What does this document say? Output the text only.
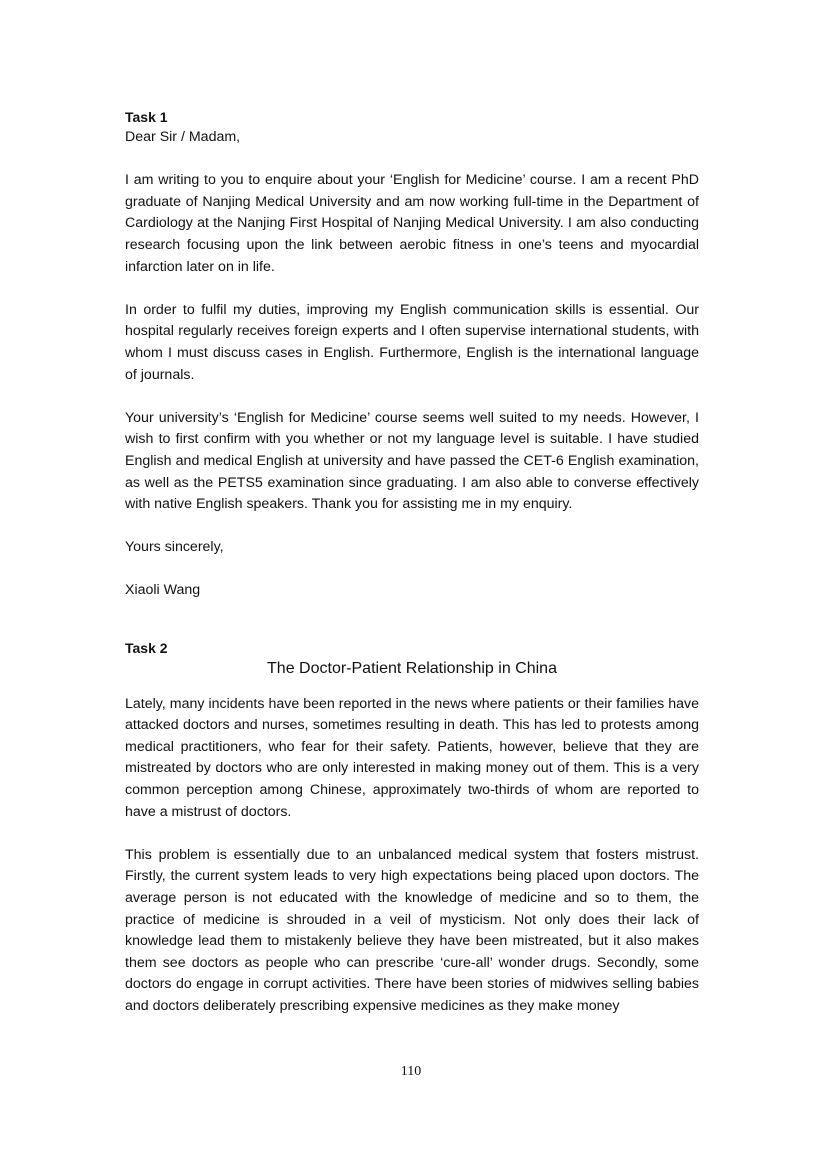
Task 1
Dear Sir / Madam,

I am writing to you to enquire about your ‘English for Medicine’ course. I am a recent PhD graduate of Nanjing Medical University and am now working full-time in the Department of Cardiology at the Nanjing First Hospital of Nanjing Medical University. I am also conducting research focusing upon the link between aerobic fitness in one’s teens and myocardial infarction later on in life.

In order to fulfil my duties, improving my English communication skills is essential. Our hospital regularly receives foreign experts and I often supervise international students, with whom I must discuss cases in English. Furthermore, English is the international language of journals.

Your university’s ‘English for Medicine’ course seems well suited to my needs. However, I wish to first confirm with you whether or not my language level is suitable. I have studied English and medical English at university and have passed the CET-6 English examination, as well as the PETS5 examination since graduating. I am also able to converse effectively with native English speakers. Thank you for assisting me in my enquiry.

Yours sincerely,
Xiaoli Wang
Task 2
The Doctor-Patient Relationship in China

Lately, many incidents have been reported in the news where patients or their families have attacked doctors and nurses, sometimes resulting in death. This has led to protests among medical practitioners, who fear for their safety. Patients, however, believe that they are mistreated by doctors who are only interested in making money out of them. This is a very common perception among Chinese, approximately two-thirds of whom are reported to have a mistrust of doctors.

This problem is essentially due to an unbalanced medical system that fosters mistrust. Firstly, the current system leads to very high expectations being placed upon doctors. The average person is not educated with the knowledge of medicine and so to them, the practice of medicine is shrouded in a veil of mysticism. Not only does their lack of knowledge lead them to mistakenly believe they have been mistreated, but it also makes them see doctors as people who can prescribe ‘cure-all’ wonder drugs. Secondly, some doctors do engage in corrupt activities. There have been stories of midwives selling babies and doctors deliberately prescribing expensive medicines as they make money

110
